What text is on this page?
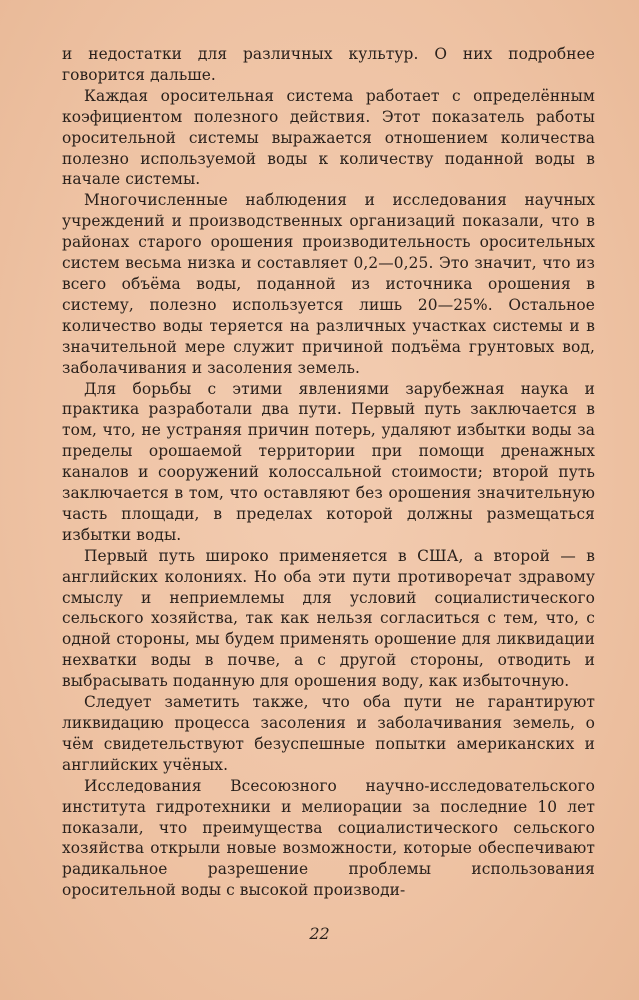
и недостатки для различных культур. О них подробнее говорится дальше.

Каждая оросительная система работает с определённым коэфициентом полезного действия. Этот показатель работы оросительной системы выражается отношением количества полезно используемой воды к количеству поданной воды в начале системы.

Многочисленные наблюдения и исследования научных учреждений и производственных организаций показали, что в районах старого орошения производительность оросительных систем весьма низка и составляет 0,2—0,25. Это значит, что из всего объёма воды, поданной из источника орошения в систему, полезно используется лишь 20—25%. Остальное количество воды теряется на различных участках системы и в значительной мере служит причиной подъёма грунтовых вод, заболачивания и засоления земель.

Для борьбы с этими явлениями зарубежная наука и практика разработали два пути. Первый путь заключается в том, что, не устраняя причин потерь, удаляют избытки воды за пределы орошаемой территории при помощи дренажных каналов и сооружений колоссальной стоимости; второй путь заключается в том, что оставляют без орошения значительную часть площади, в пределах которой должны размещаться избытки воды.

Первый путь широко применяется в США, а второй — в английских колониях. Но оба эти пути противоречат здравому смыслу и неприемлемы для условий социалистического сельского хозяйства, так как нельзя согласиться с тем, что, с одной стороны, мы будем применять орошение для ликвидации нехватки воды в почве, а с другой стороны, отводить и выбрасывать поданную для орошения воду, как избыточную.

Следует заметить также, что оба пути не гарантируют ликвидацию процесса засоления и заболачивания земель, о чём свидетельствуют безуспешные попытки американских и английских учёных.

Исследования Всесоюзного научно-исследовательского института гидротехники и мелиорации за последние 10 лет показали, что преимущества социалистического сельского хозяйства открыли новые возможности, которые обеспечивают радикальное разрешение проблемы использования оросительной воды с высокой производи-

22
